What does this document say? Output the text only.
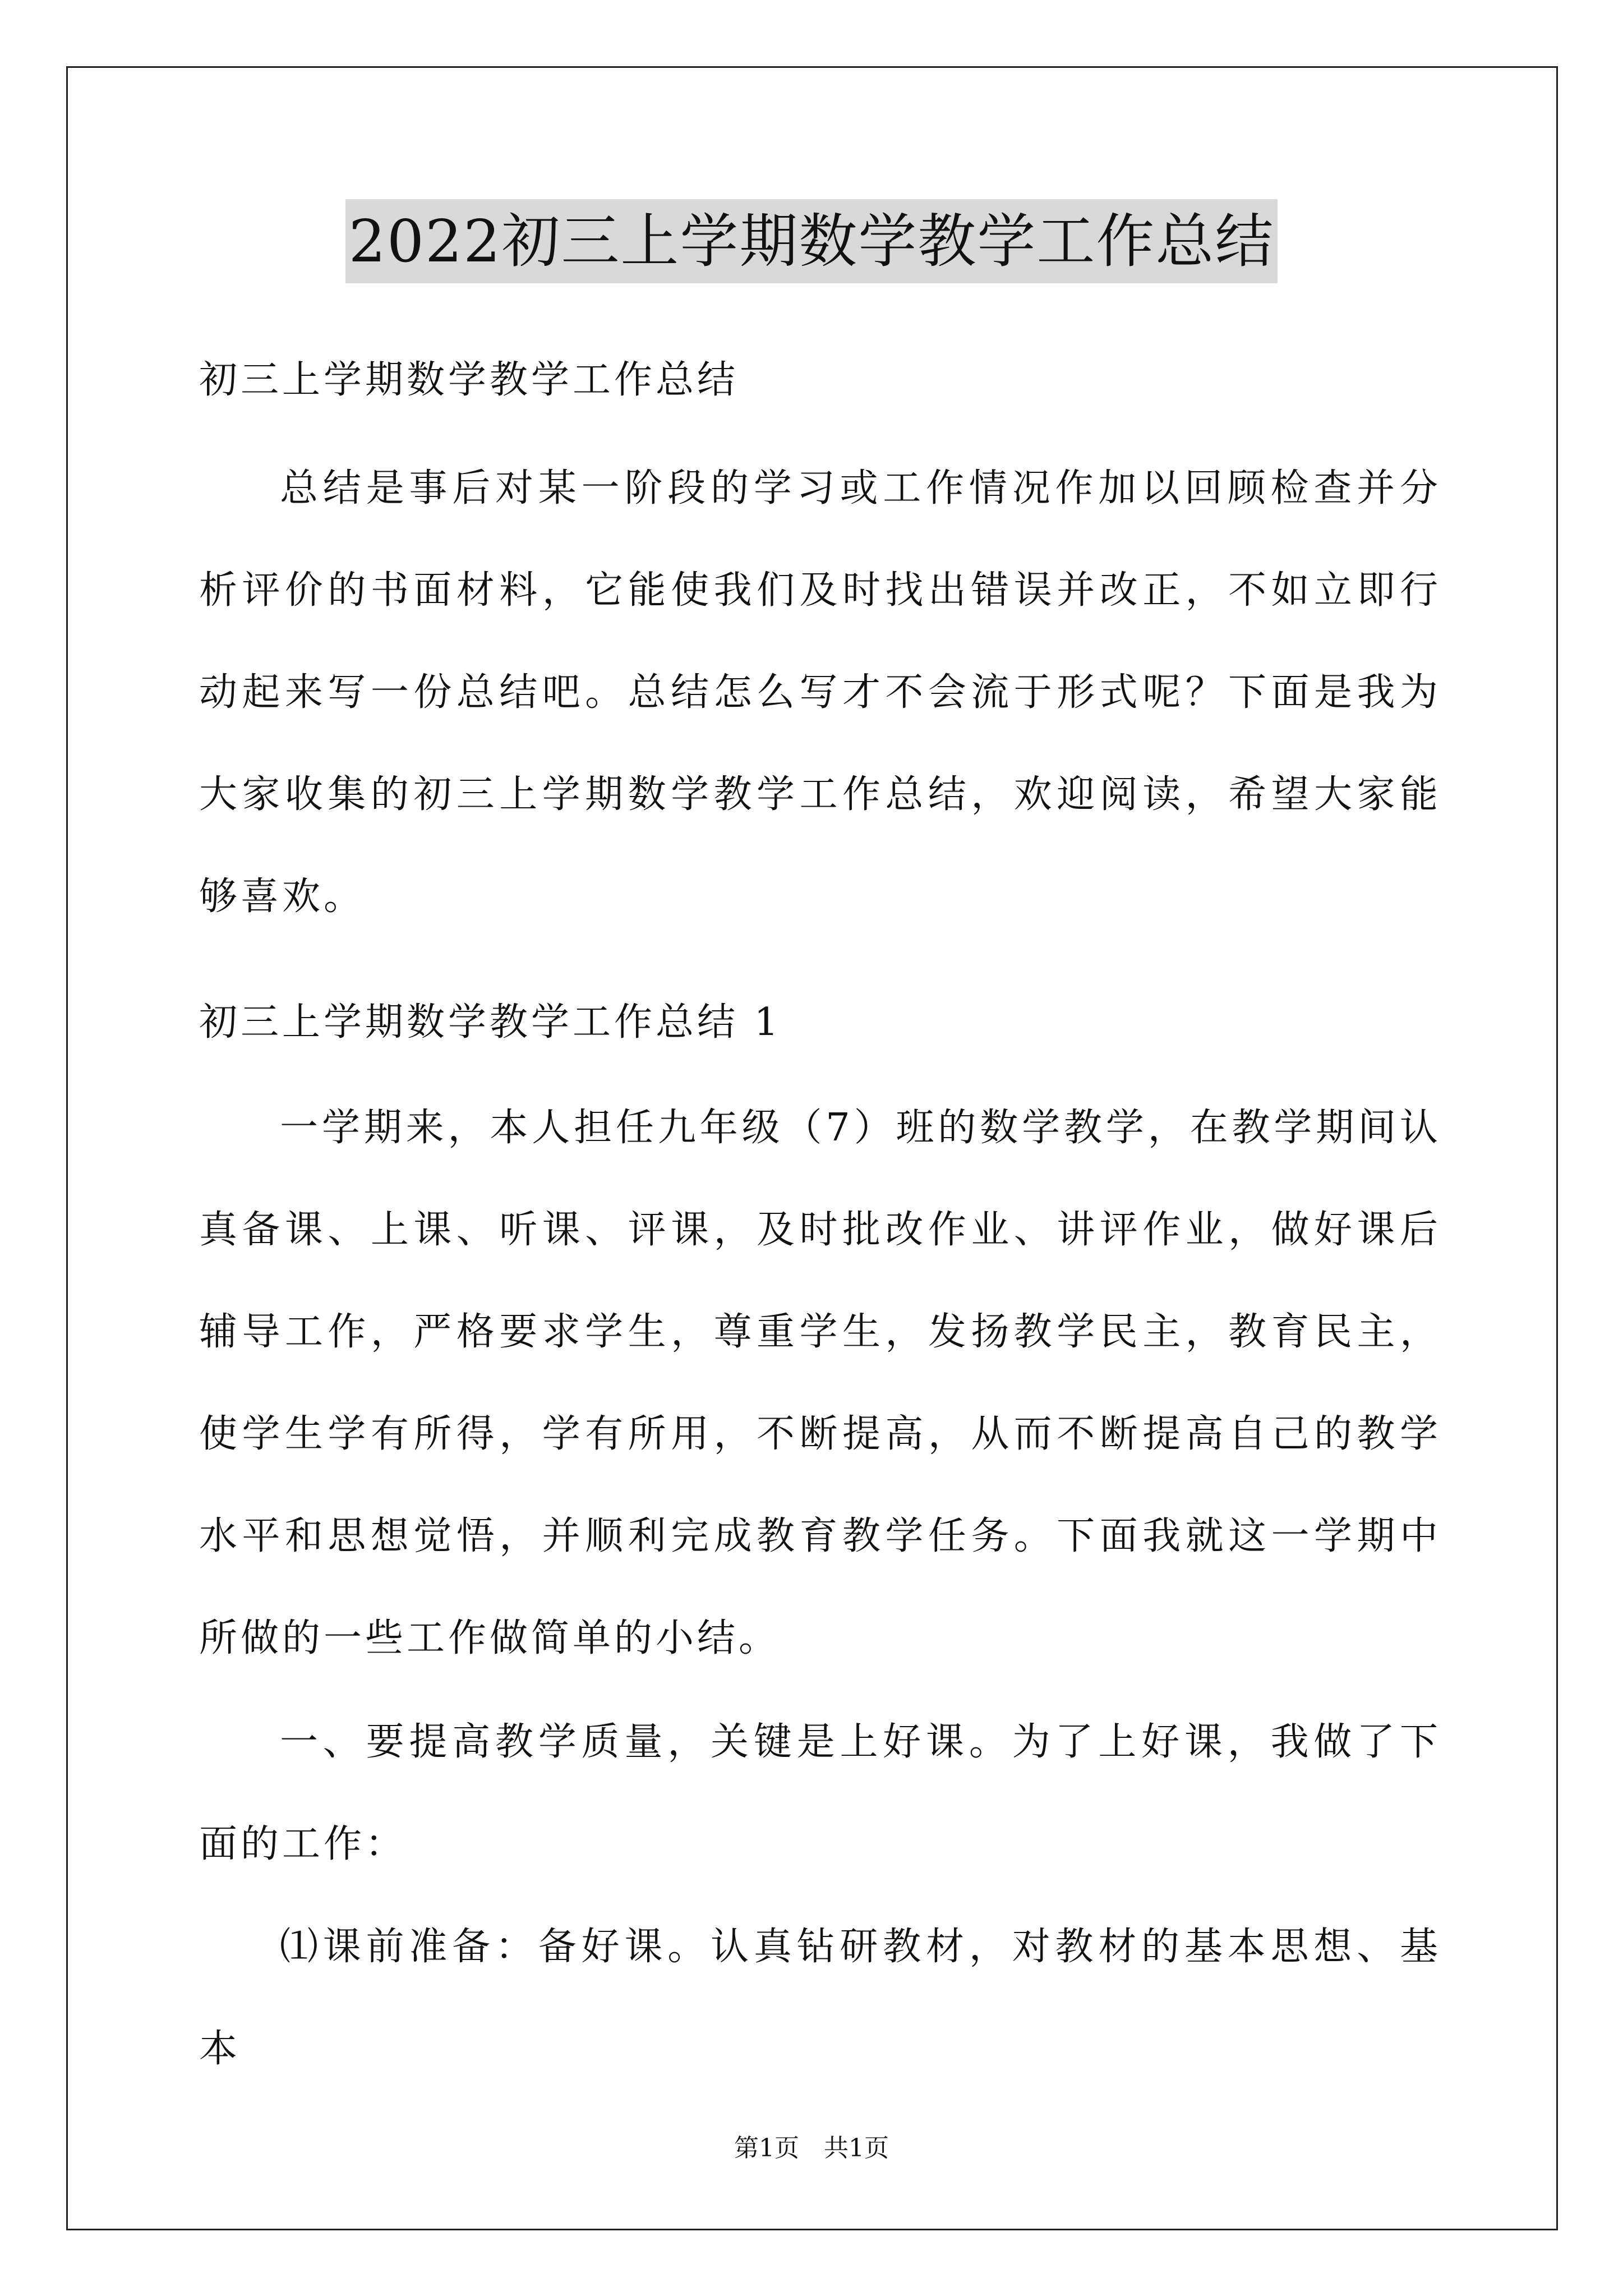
2022初三上学期数学教学工作总结
初三上学期数学教学工作总结

总结是事后对某一阶段的学习或工作情况作加以回顾检查并分析评价的书面材料，它能使我们及时找出错误并改正，不如立即行动起来写一份总结吧。总结怎么写才不会流于形式呢？下面是我为大家收集的初三上学期数学教学工作总结，欢迎阅读，希望大家能够喜欢。

初三上学期数学教学工作总结 1

一学期来，本人担任九年级（7）班的数学教学，在教学期间认真备课、上课、听课、评课，及时批改作业、讲评作业，做好课后辅导工作，严格要求学生，尊重学生，发扬教学民主，教育民主，使学生学有所得，学有所用，不断提高，从而不断提高自己的教学水平和思想觉悟，并顺利完成教育教学任务。下面我就这一学期中所做的一些工作做简单的小结。

一、要提高教学质量，关键是上好课。为了上好课，我做了下面的工作：

⑴课前准备：备好课。认真钻研教材，对教材的基本思想、基本

第1页　共1页
